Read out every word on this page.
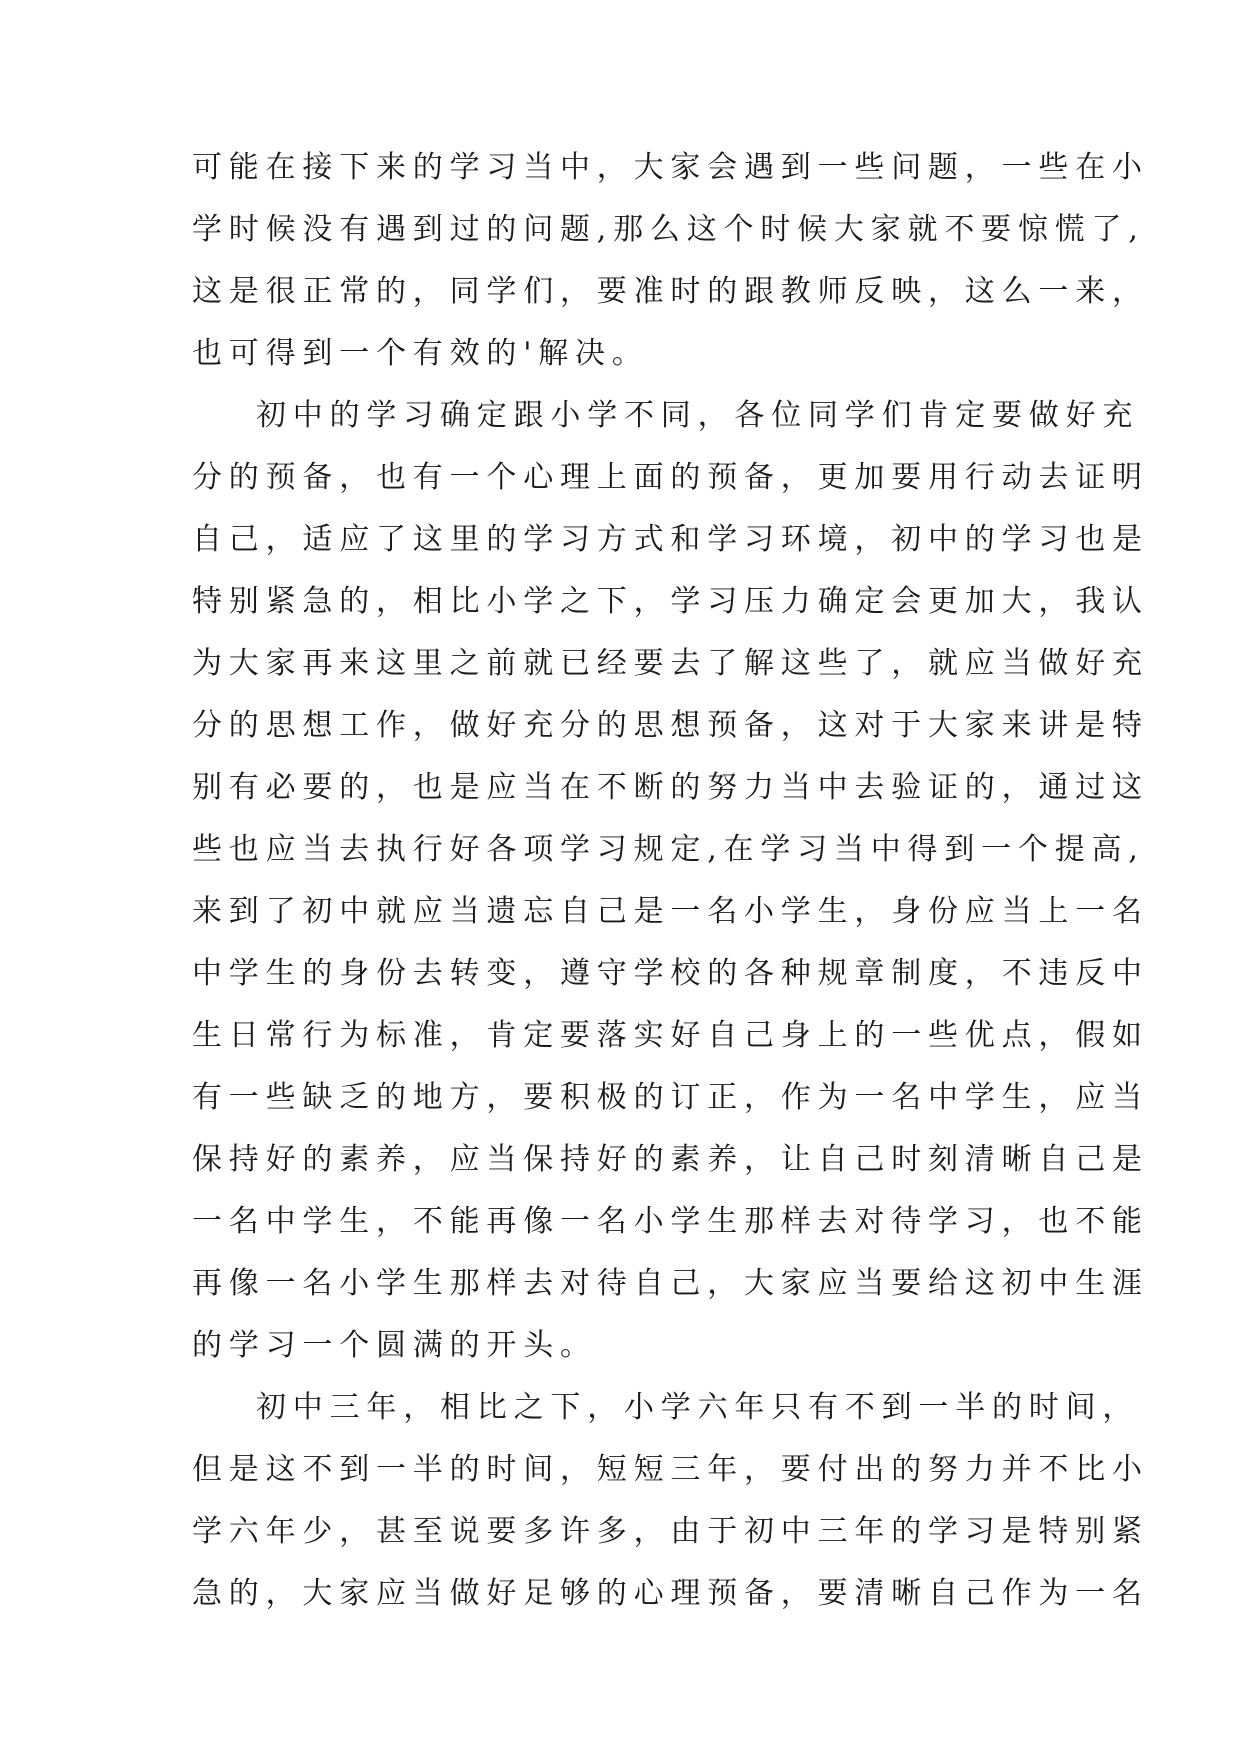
可能在接下来的学习当中，大家会遇到一些问题，一些在小
学时候没有遇到过的问题,那么这个时候大家就不要惊慌了,
这是很正常的，同学们，要准时的跟教师反映，这么一来，
也可得到一个有效的'解决。
初中的学习确定跟小学不同，各位同学们肯定要做好充
分的预备，也有一个心理上面的预备，更加要用行动去证明
自己，适应了这里的学习方式和学习环境，初中的学习也是
特别紧急的，相比小学之下，学习压力确定会更加大，我认
为大家再来这里之前就已经要去了解这些了，就应当做好充
分的思想工作，做好充分的思想预备，这对于大家来讲是特
别有必要的，也是应当在不断的努力当中去验证的，通过这
些也应当去执行好各项学习规定,在学习当中得到一个提高,
来到了初中就应当遗忘自己是一名小学生，身份应当上一名
中学生的身份去转变，遵守学校的各种规章制度，不违反中
生日常行为标准，肯定要落实好自己身上的一些优点，假如
有一些缺乏的地方，要积极的订正，作为一名中学生，应当
保持好的素养，应当保持好的素养，让自己时刻清晰自己是
一名中学生，不能再像一名小学生那样去对待学习，也不能
再像一名小学生那样去对待自己，大家应当要给这初中生涯
的学习一个圆满的开头。
初中三年，相比之下，小学六年只有不到一半的时间，
但是这不到一半的时间，短短三年，要付出的努力并不比小
学六年少，甚至说要多许多，由于初中三年的学习是特别紧
急的，大家应当做好足够的心理预备，要清晰自己作为一名
